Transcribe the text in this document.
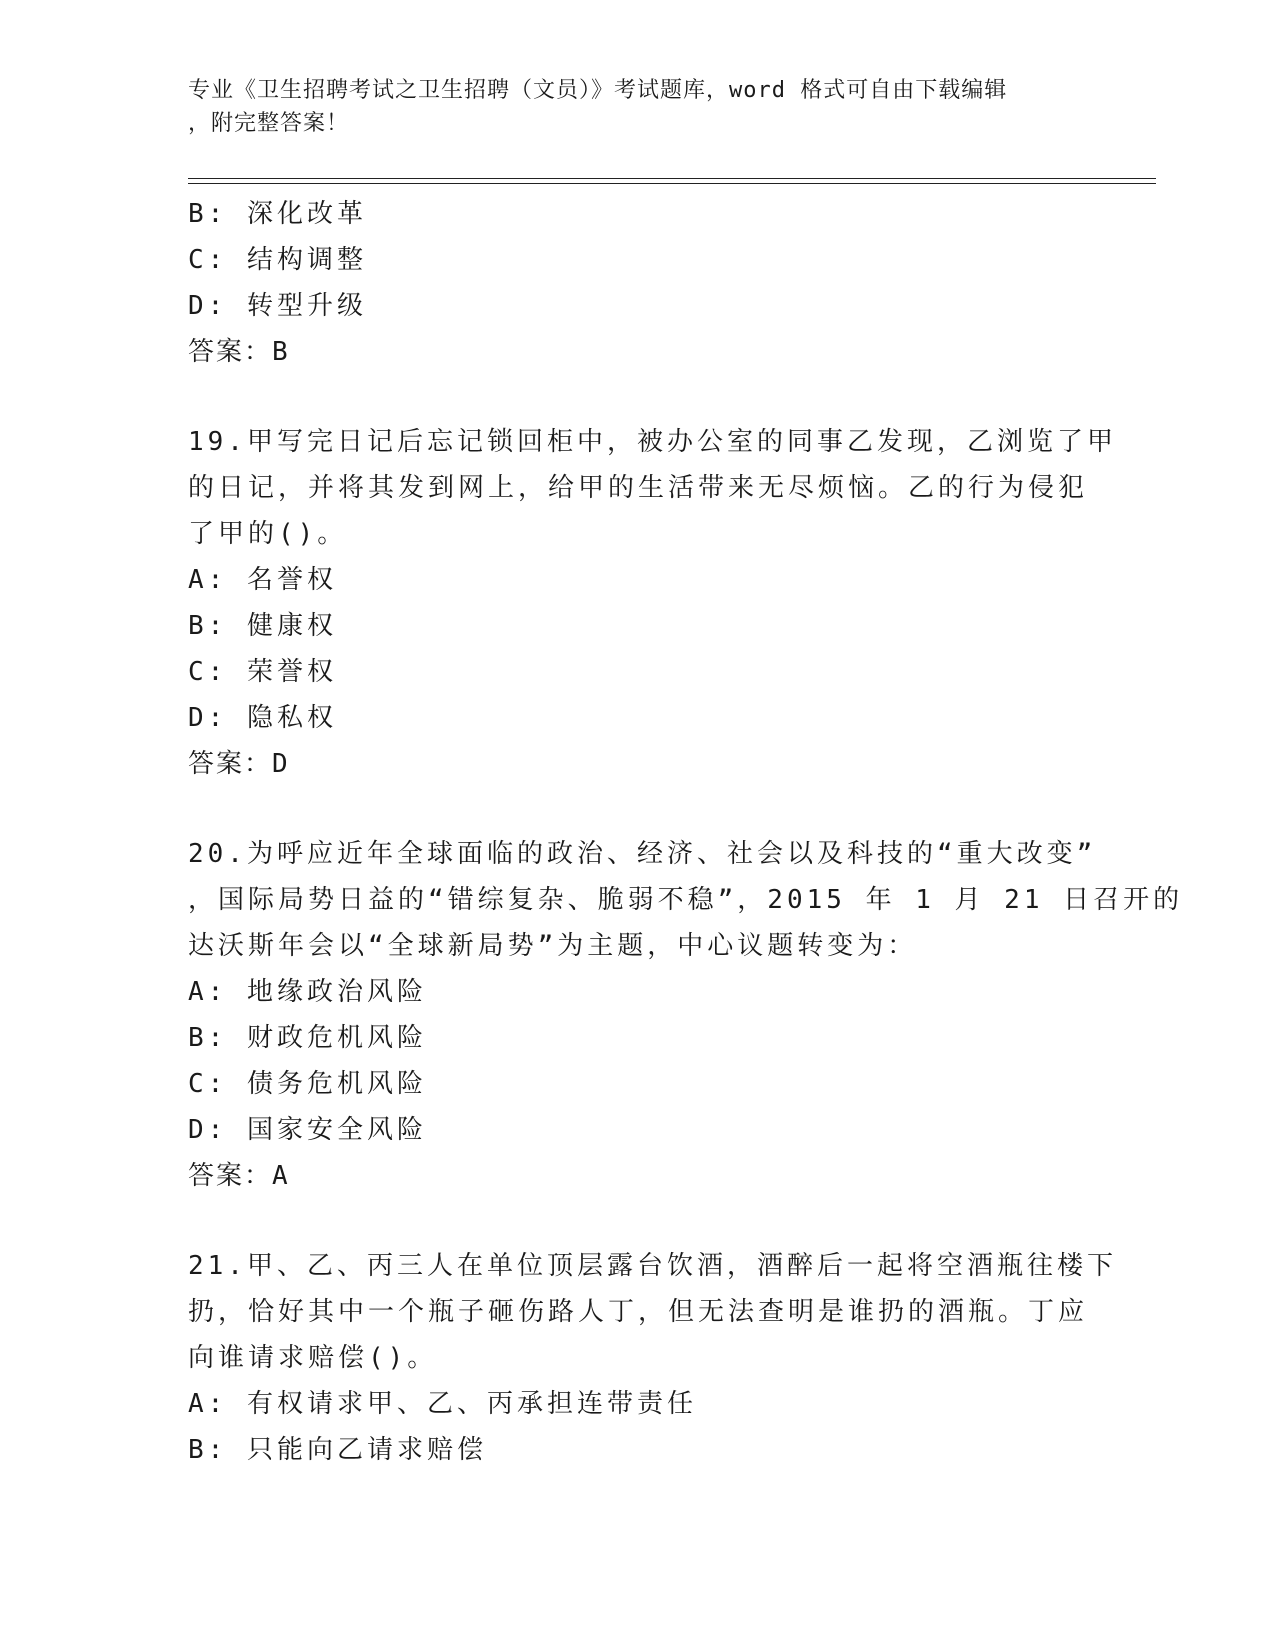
专业《卫生招聘考试之卫生招聘（文员）》考试题库，word 格式可自由下载编辑
，附完整答案！
B: 深化改革
C: 结构调整
D: 转型升级
答案：B
19.甲写完日记后忘记锁回柜中，被办公室的同事乙发现，乙浏览了甲
的日记，并将其发到网上，给甲的生活带来无尽烦恼。乙的行为侵犯
了甲的()。
A: 名誉权
B: 健康权
C: 荣誉权
D: 隐私权
答案：D
20.为呼应近年全球面临的政治、经济、社会以及科技的“重大改变”
，国际局势日益的“错综复杂、脆弱不稳”，2015 年 1 月 21 日召开的
达沃斯年会以“全球新局势”为主题，中心议题转变为：
A: 地缘政治风险
B: 财政危机风险
C: 债务危机风险
D: 国家安全风险
答案：A
21.甲、乙、丙三人在单位顶层露台饮酒，酒醉后一起将空酒瓶往楼下
扔，恰好其中一个瓶子砸伤路人丁，但无法查明是谁扔的酒瓶。丁应
向谁请求赔偿()。
A: 有权请求甲、乙、丙承担连带责任
B: 只能向乙请求赔偿
